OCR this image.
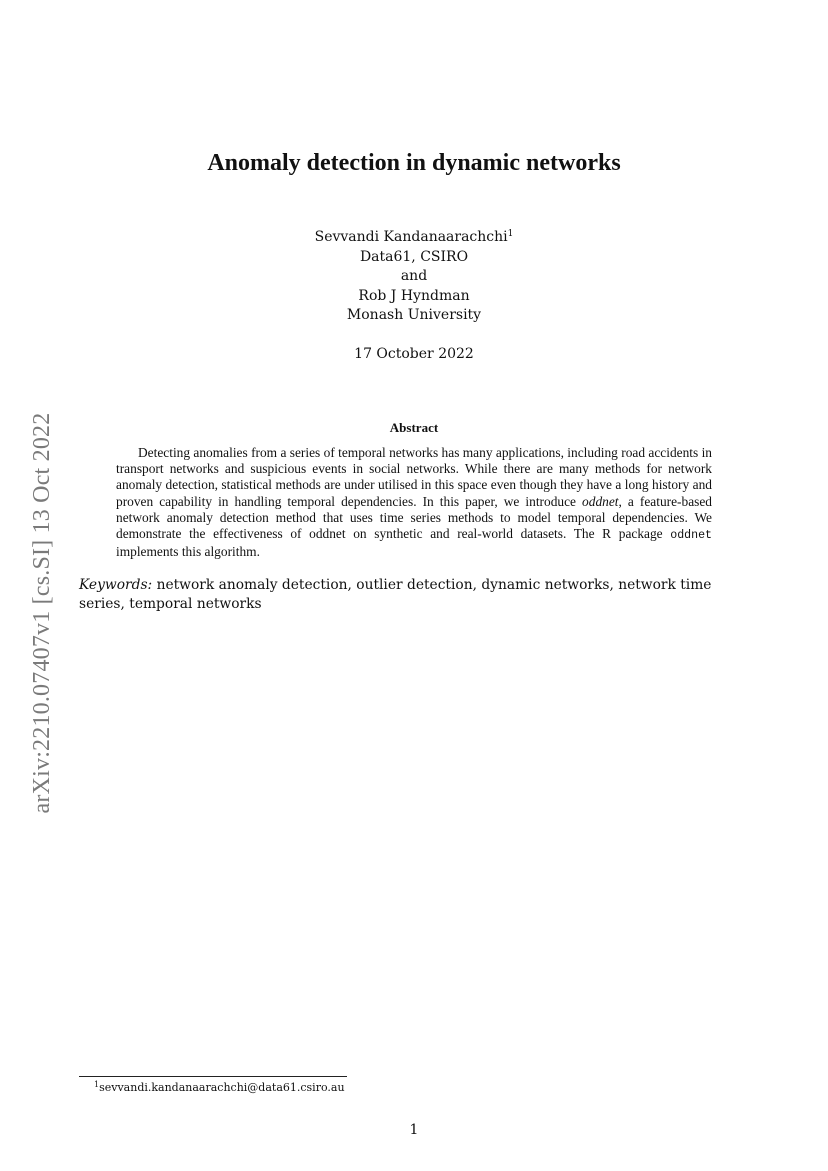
arXiv:2210.07407v1 [cs.SI] 13 Oct 2022
Anomaly detection in dynamic networks
Sevvandi Kandanaarachchi$^1$
Data61, CSIRO
and
Rob J Hyndman
Monash University
17 October 2022
Abstract

Detecting anomalies from a series of temporal networks has many applications, including road accidents in transport networks and suspicious events in social networks. While there are many methods for network anomaly detection, statistical methods are under utilised in this space even though they have a long history and proven capability in handling temporal dependencies. In this paper, we introduce oddnet, a feature-based network anomaly detection method that uses time series methods to model temporal dependencies. We demonstrate the effectiveness of oddnet on synthetic and real-world datasets. The R package oddnet implements this algorithm.

Keywords: network anomaly detection, outlier detection, dynamic networks, network time series, temporal networks

$^1$sevvandi.kandanaarachchi@data61.csiro.au
1
